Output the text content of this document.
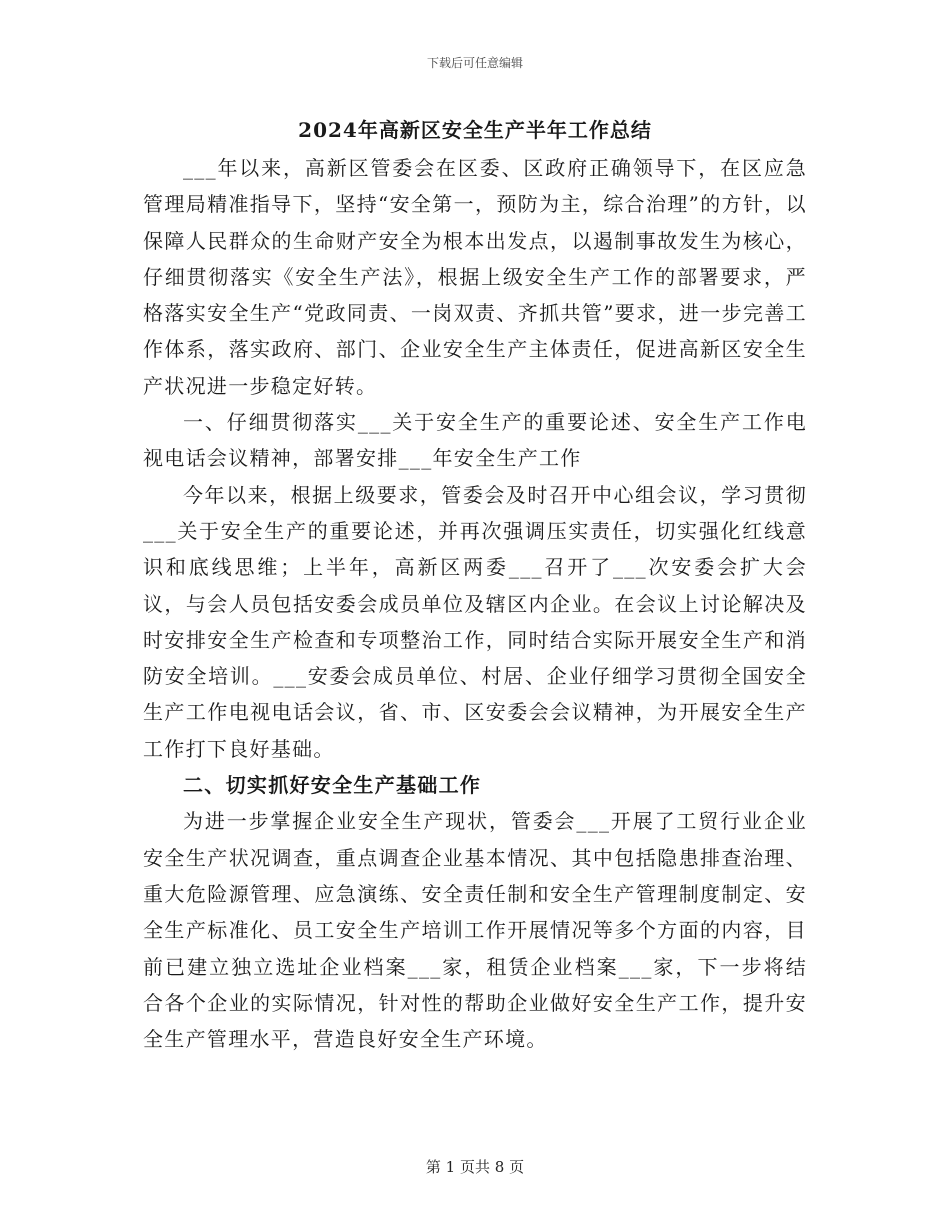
下载后可任意编辑
2024年高新区安全生产半年工作总结

___年以来，高新区管委会在区委、区政府正确领导下，在区应急管理局精准指导下，坚持“安全第一，预防为主，综合治理”的方针，以保障人民群众的生命财产安全为根本出发点，以遏制事故发生为核心，仔细贯彻落实《安全生产法》，根据上级安全生产工作的部署要求，严格落实安全生产“党政同责、一岗双责、齐抓共管”要求，进一步完善工作体系，落实政府、部门、企业安全生产主体责任，促进高新区安全生产状况进一步稳定好转。

一、仔细贯彻落实___关于安全生产的重要论述、安全生产工作电视电话会议精神，部署安排___年安全生产工作

今年以来，根据上级要求，管委会及时召开中心组会议，学习贯彻___关于安全生产的重要论述，并再次强调压实责任，切实强化红线意识和底线思维；上半年，高新区两委___召开了___次安委会扩大会议，与会人员包括安委会成员单位及辖区内企业。在会议上讨论解决及时安排安全生产检查和专项整治工作，同时结合实际开展安全生产和消防安全培训。___安委会成员单位、村居、企业仔细学习贯彻全国安全生产工作电视电话会议，省、市、区安委会会议精神，为开展安全生产工作打下良好基础。

二、切实抓好安全生产基础工作

为进一步掌握企业安全生产现状，管委会___开展了工贸行业企业安全生产状况调查，重点调查企业基本情况、其中包括隐患排查治理、重大危险源管理、应急演练、安全责任制和安全生产管理制度制定、安全生产标准化、员工安全生产培训工作开展情况等多个方面的内容，目前已建立独立选址企业档案___家，租赁企业档案___家，下一步将结合各个企业的实际情况，针对性的帮助企业做好安全生产工作，提升安全生产管理水平，营造良好安全生产环境。

第 1 页共 8 页
